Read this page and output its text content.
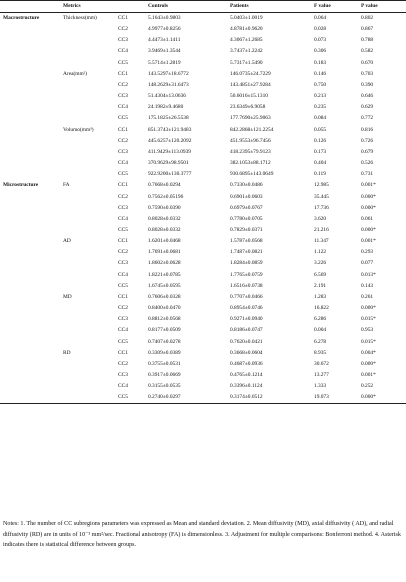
	Metrics		Controls	Patients	F value	P value
Macrostructure	Thickness(mm)	CC1	5.1643±0.9803	5.0403±1.0019	0.064	0.802
		CC2	4.9977±0.8256	4.8781±0.9620	0.028	0.867
		CC3	4.4473±1.1411	4.3067±1.2685	0.073	0.788
		CC4	3.9469±1.3544	3.7437±1.2242	0.306	0.582
		CC5	5.5714±1.2819	5.7317±1.5490	0.183	0.670
	Area(mm²)	CC1	143.5297±18.6772	146.0735±24.7229	0.146	0.703
		CC2	148.2629±31.6473	143.4851±27.9284	0.750	0.390
		CC3	51.4304±13.0636	50.6016±15.1310	0.213	0.646
		CC4	24.1982±9.4680	23.6349±6.9058	0.235	0.629
		CC5	175.1825±26.5538	177.7690±25.9063	0.084	0.772
	Volumo(mm³)	CC1	851.3743±121.9483	842.2868±121.2254	0.055	0.816
		CC2	445.6257±120.2092	451.9553±96.7456	0.126	0.726
		CC3	411.9429±113.0939	418.2395±79.9123	0.173	0.679
		CC4	370.9629±98.9501	382.1053±88.1712	0.404	0.526
		CC5	922.9200±130.3777	930.6895±143.0649	0.119	0.731
Microstructure	FA	CC1	0.7668±0.0294	0.7330±0.0486	12.985	0.001*
		CC2	0.7562±0.05196	0.6901±0.0603	35.445	0.000*
		CC3	0.7590±0.0390	0.6979±0.0767	17.736	0.000*
		CC4	0.8028±0.0332	0.7780±0.0705	3.620	0.061
		CC5	0.8028±0.0332	0.7829±0.0371	21.216	0.000*
	AD	CC1	1.6201±0.0468	1.5787±0.0568	11.347	0.001*
		CC2	1.7691±0.0681	1.7487±0.0821	1.122	0.293
		CC3	1.8602±0.0628	1.8284±0.0859	3.226	0.077
		CC4	1.8221±0.0785	1.7765±0.0759	6.569	0.013*
		CC5	1.6745±0.0595	1.6516±0.0738	2.191	0.143
	MD	CC1	0.7606±0.0328	0.7707±0.0466	1.283	0.261
		CC2	0.8400±0.0470	0.8954±0.0746	16.822	0.000*
		CC3	0.8812±0.0568	0.9271±0.0940	6.286	0.015*
		CC4	0.8177±0.0509	0.8186±0.0747	0.004	0.953
		CC5	0.7407±0.0278	0.7620±0.0421	6.278	0.015*
	RD	CC1	0.3309±0.0389	0.3668±0.0604	8.935	0.004*
		CC2	0.3755±0.0531	0.4687±0.0936	30.672	0.000*
		CC3	0.3917±0.0669	0.4765±0.1214	13.277	0.001*
		CC4	0.3155±0.0535	0.3396±0.1124	1.333	0.252
		CC5	0.2740±0.0297	0.3174±0.0512	19.073	0.000*
Notes: 1. The number of CC subregions parameters was expressed as Mean and standard deviation. 2. Mean diffusivity (MD), axial diffusivity ( AD), and radial diffusivity (RD) are in units of 10⁻³ mm²/sec. Fractional anisotropy (FA) is dimensionless. 3. Adjustment for multiple comparisons: Bonferroni method. 4. Asterisk indicates there is statistical difference between groups.
